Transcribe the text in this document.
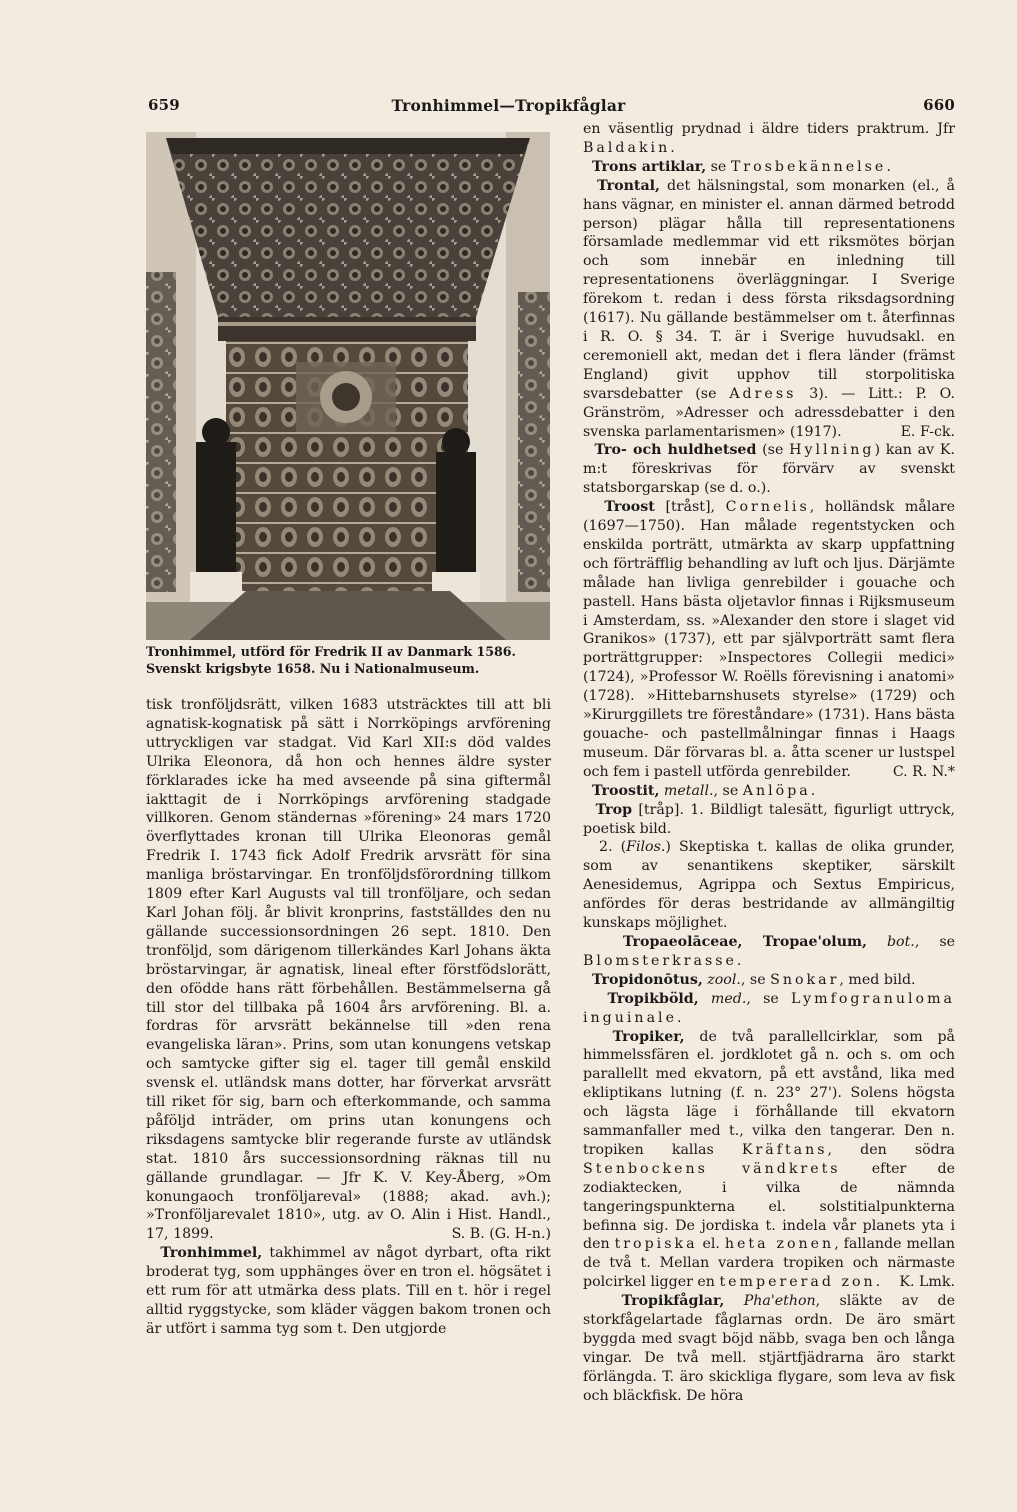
659	Tronhimmel—Tropikfåglar	660
Tronhimmel, utförd för Fredrik II av Danmark 1586.
Svenskt krigsbyte 1658. Nu i Nationalmuseum.

tisk tronföljdsrätt, vilken 1683 utsträcktes till att bli agnatisk-kognatisk på sätt i Norrköpings arvförening uttryckligen var stadgat. Vid Karl XII:s död valdes Ulrika Eleonora, då hon och hennes äldre syster förklarades icke ha med avseende på sina giftermål iakttagit de i Norrköpings arvförening stadgade villkoren. Genom ständernas »förening» 24 mars 1720 överflyttades kronan till Ulrika Eleonoras gemål Fredrik I. 1743 fick Adolf Fredrik arvsrätt för sina manliga bröstarvingar. En tronföljdsförordning tillkom 1809 efter Karl Augusts val till tronföljare, och sedan Karl Johan följ. år blivit kronprins, fastställdes den nu gällande successionsordningen 26 sept. 1810. Den tronföljd, som därigenom tillerkändes Karl Johans äkta bröstarvingar, är agnatisk, lineal efter förstfödslorätt, den ofödde hans rätt förbehållen. Bestämmelserna gå till stor del tillbaka på 1604 års arvförening. Bl. a. fordras för arvsrätt bekännelse till »den rena evangeliska läran». Prins, som utan konungens vetskap och samtycke gifter sig el. tager till gemål enskild svensk el. utländsk mans dotter, har förverkat arvsrätt till riket för sig, barn och efterkommande, och samma påföljd inträder, om prins utan konungens och riksdagens samtycke blir regerande furste av utländsk stat. 1810 års successionsordning räknas till nu gällande grundlagar. — Jfr K. V. Key-Åberg, »Om konungaoch tronföljareval» (1888; akad. avh.); »Tronföljarevalet 1810», utg. av O. Alin i Hist. Handl., 17, 1899.	S. B. (G. H-n.)

Tronhimmel, takhimmel av något dyrbart, ofta rikt broderat tyg, som upphänges över en tron el. högsätet i ett rum för att utmärka dess plats. Till en t. hör i regel alltid ryggstycke, som kläder väggen bakom tronen och är utfört i samma tyg som t. Den utgjorde

en väsentlig prydnad i äldre tiders praktrum. Jfr Baldakin.

Trons artiklar, se Trosbekännelse.

Trontal, det hälsningstal, som monarken (el., å hans vägnar, en minister el. annan därmed betrodd person) plägar hålla till representationens församlade medlemmar vid ett riksmötes början och som innebär en inledning till representationens överläggningar. I Sverige förekom t. redan i dess första riksdagsordning (1617). Nu gällande bestämmelser om t. återfinnas i R. O. § 34. T. är i Sverige huvudsakl. en ceremoniell akt, medan det i flera länder (främst England) givit upphov till storpolitiska svarsdebatter (se Adress 3). — Litt.: P. O. Gränström, »Adresser och adressdebatter i den svenska parlamentarismen» (1917).	E. F-ck.

Tro- och huldhetsed (se Hyllning) kan av K. m:t föreskrivas för förvärv av svenskt statsborgarskap (se d. o.).

Troost [tråst], Cornelis, holländsk målare (1697—1750). Han målade regentstycken och enskilda porträtt, utmärkta av skarp uppfattning och förträfflig behandling av luft och ljus. Därjämte målade han livliga genrebilder i gouache och pastell. Hans bästa oljetavlor finnas i Rijksmuseum i Amsterdam, ss. »Alexander den store i slaget vid Granikos» (1737), ett par självporträtt samt flera porträttgrupper: »Inspectores Collegii medici» (1724), »Professor W. Roëlls förevisning i anatomi» (1728). »Hittebarnshusets styrelse» (1729) och »Kirurggillets tre föreståndare» (1731). Hans bästa gouache- och pastellmålningar finnas i Haags museum. Där förvaras bl. a. åtta scener ur lustspel och fem i pastell utförda genrebilder.	C. R. N.*

Troostit, metall., se Anlöpa.

Trop [tråp]. 1. Bildligt talesätt, figurligt uttryck, poetisk bild.

2. (Filos.) Skeptiska t. kallas de olika grunder, som av senantikens skeptiker, särskilt Aenesidemus, Agrippa och Sextus Empiricus, anfördes för deras bestridande av allmängiltig kunskaps möjlighet.

Tropaeolāceae, Tropae'olum, bot., se Blomsterkrasse.

Tropidonōtus, zool., se Snokar, med bild.

Tropikböld, med., se Lymfogranuloma inguinale.

Tropiker, de två parallellcirklar, som på himmelssfären el. jordklotet gå n. och s. om och parallellt med ekvatorn, på ett avstånd, lika med ekliptikans lutning (f. n. 23° 27'). Solens högsta och lägsta läge i förhållande till ekvatorn sammanfaller med t., vilka den tangerar. Den n. tropiken kallas Kräftans, den södra Stenbockens vändkrets efter de zodiaktecken, i vilka de nämnda tangeringspunkterna el. solstitialpunkterna befinna sig. De jordiska t. indela vår planets yta i den tropiska el. heta zonen, fallande mellan de två t. Mellan vardera tropiken och närmaste polcirkel ligger en tempererad zon. K. Lmk.

Tropikfåglar, Pha'ethon, släkte av de storkfågelartade fåglarnas ordn. De äro smärt byggda med svagt böjd näbb, svaga ben och långa vingar. De två mell. stjärtfjädrarna äro starkt förlängda. T. äro skickliga flygare, som leva av fisk och bläckfisk. De höra
